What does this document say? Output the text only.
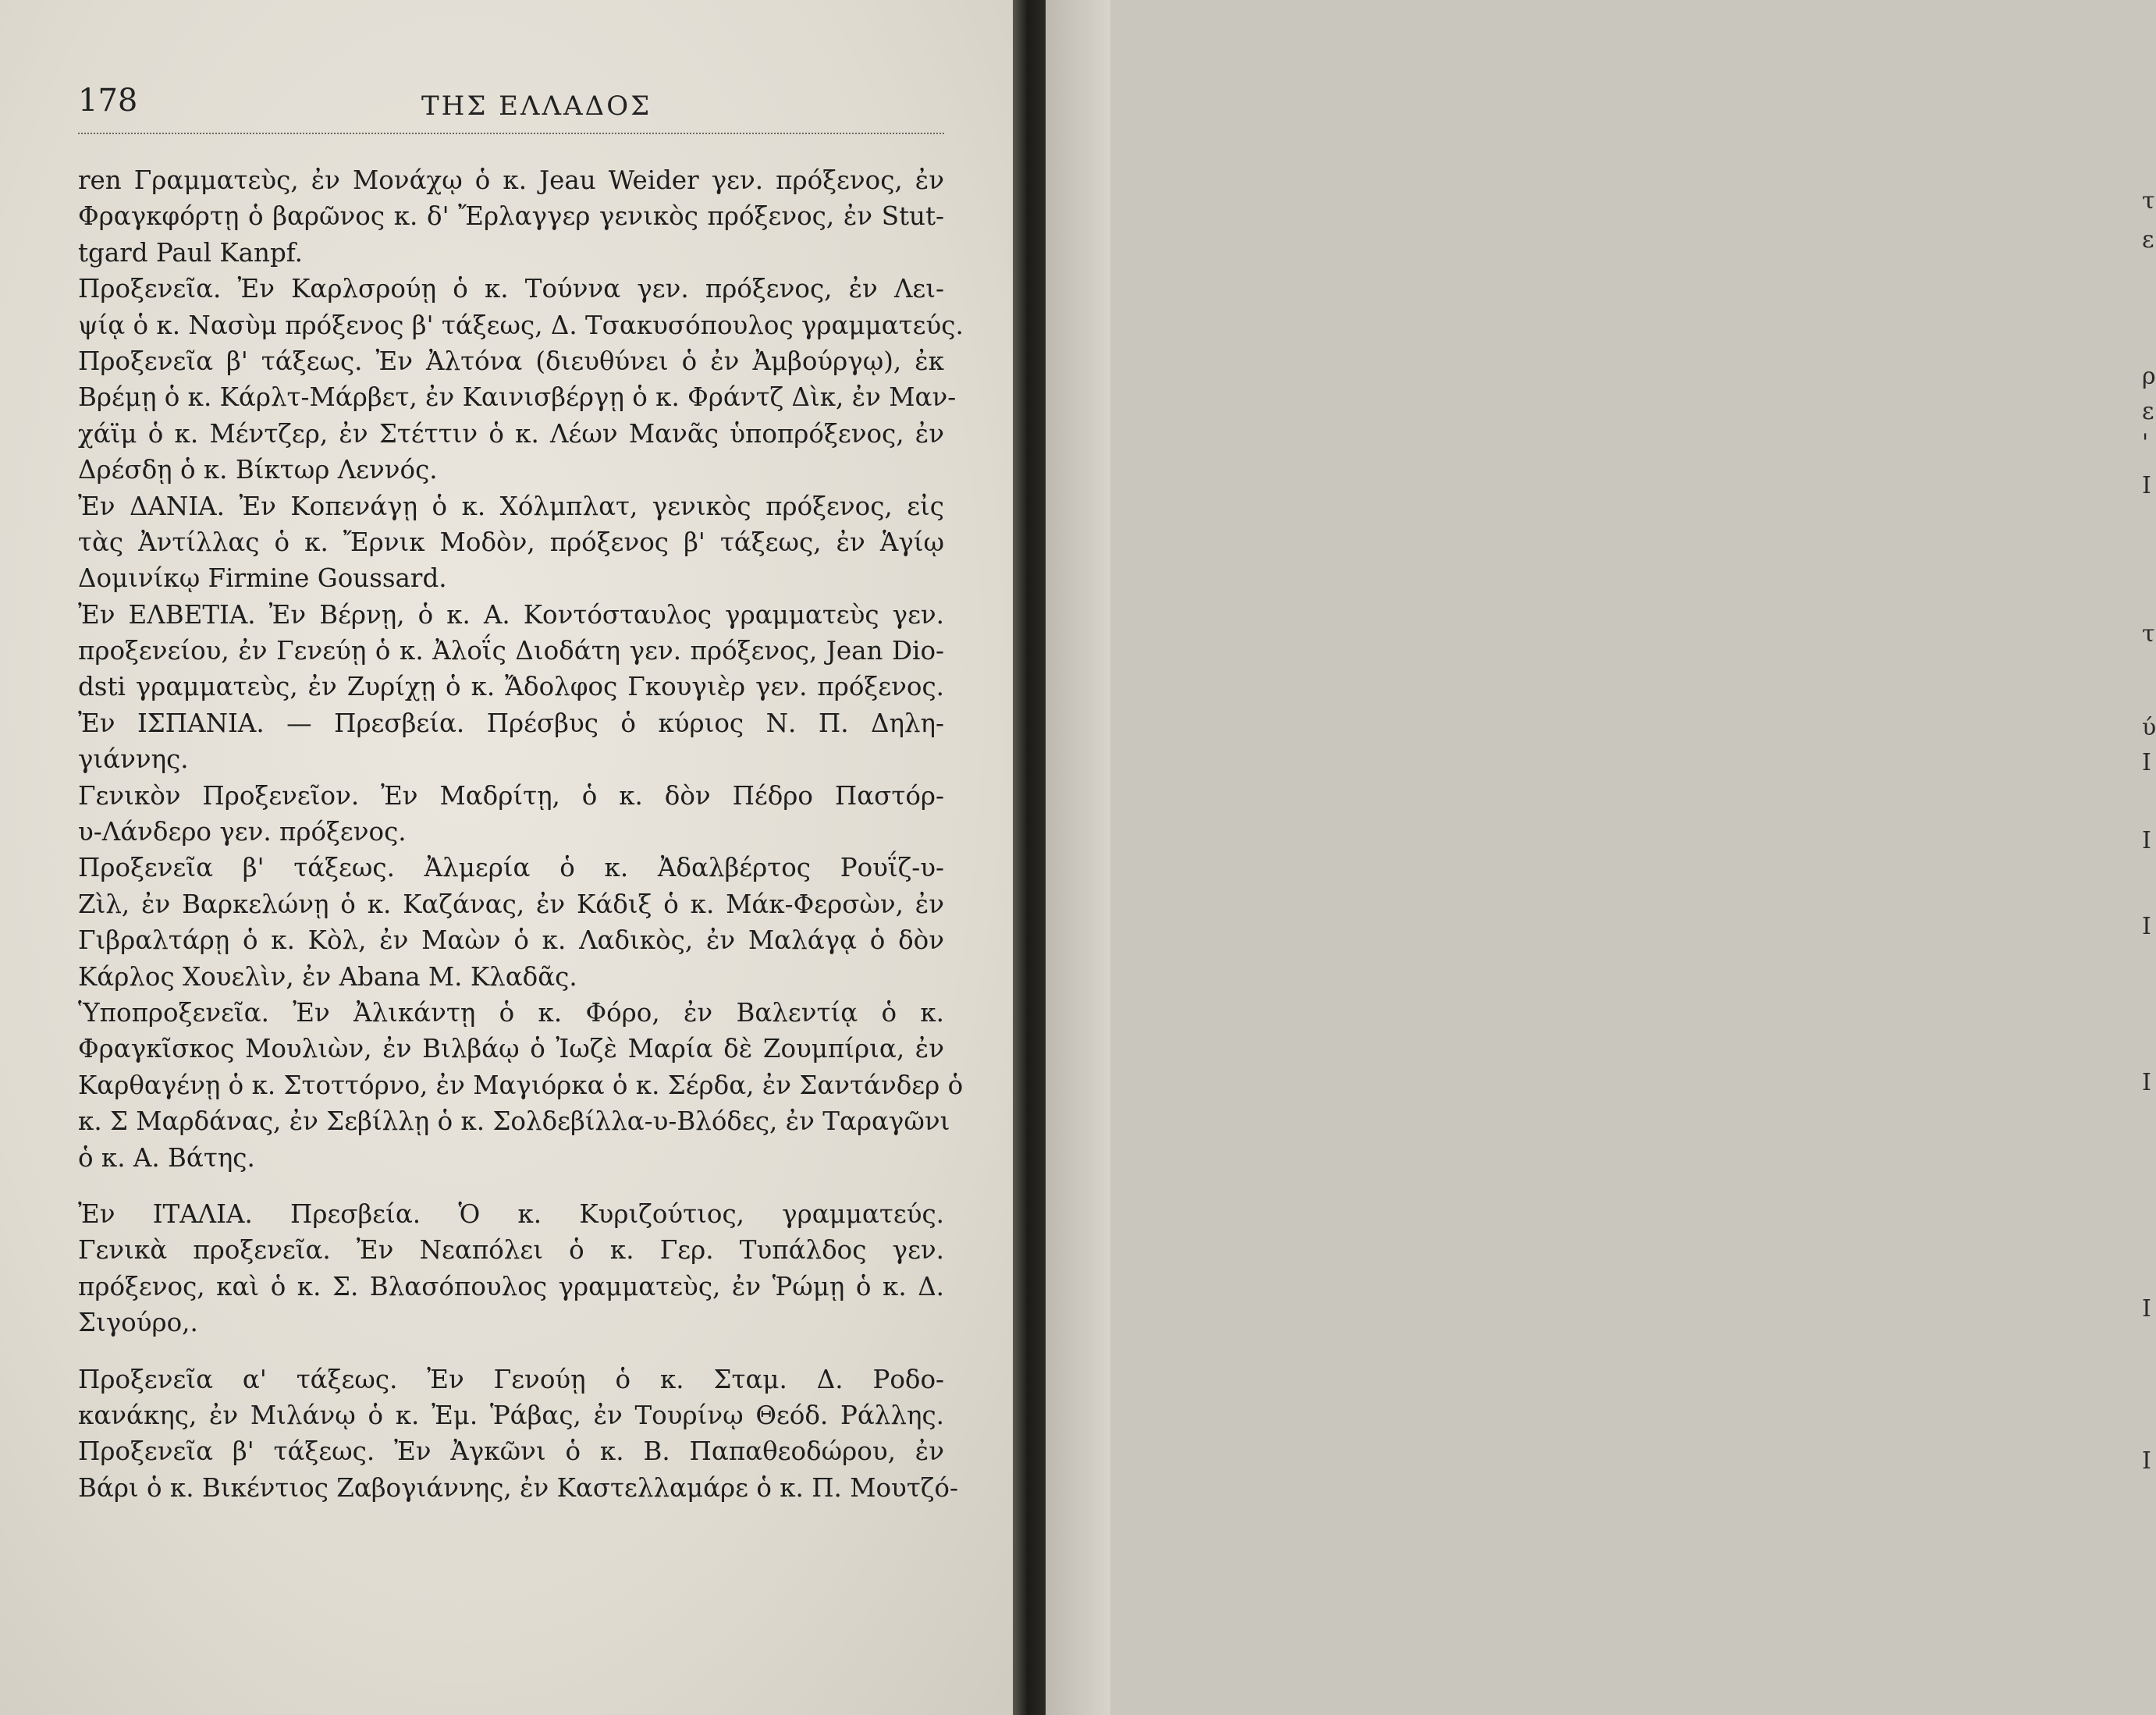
178	ΤΗΣ ΕΛΛΑΔΟΣ
ren Γραμματεὺς, ἐν Μονάχῳ ὁ κ. Jeau Weider γεν. πρόξενος, ἐν
Φραγκφόρτῃ ὁ βαρῶνος κ. δ' Ἔρλαγγερ γενικὸς πρόξενος, ἐν Stut-
tgard Paul Kanpf.
Προξενεῖα. Ἐν Καρλσρούῃ ὁ κ. Τούννα γεν. πρόξενος, ἐν Λει-
ψίᾳ ὁ κ. Νασὺμ πρόξενος β' τάξεως, Δ. Τσακυσόπουλος γραμματεύς.
Προξενεῖα β' τάξεως. Ἐν Ἀλτόνα (διευθύνει ὁ ἐν Ἀμβούργῳ), ἐκ
Βρέμῃ ὁ κ. Κάρλτ-Μάρβετ, ἐν Καινισβέργῃ ὁ κ. Φράντζ Δὶκ, ἐν Μαν-
χάϊμ ὁ κ. Μέντζερ, ἐν Στέττιν ὁ κ. Λέων Μανᾶς ὑποπρόξενος, ἐν
Δρέσδῃ ὁ κ. Βίκτωρ Λεννός.
Ἐν ΔΑΝΙΑ. Ἐν Κοπενάγῃ ὁ κ. Χόλμπλατ, γενικὸς πρόξενος, εἰς
τὰς Ἀντίλλας ὁ κ. Ἔρνικ Μοδὸν, πρόξενος β' τάξεως, ἐν Ἁγίῳ
Δομινίκῳ Firmine Goussard.
Ἐν ΕΛΒΕΤΙΑ. Ἐν Βέρνῃ, ὁ κ. Α. Κοντόσταυλος γραμματεὺς γεν.
προξενείου, ἐν Γενεύῃ ὁ κ. Ἀλοΐς Διοδάτη γεν. πρόξενος, Jean Dio-
dsti γραμματεὺς, ἐν Ζυρίχῃ ὁ κ. Ἄδολφος Γκουγιὲρ γεν. πρόξενος.
Ἐν ΙΣΠΑΝΙΑ. — Πρεσβεία. Πρέσβυς ὁ κύριος Ν. Π. Δηλη-
γιάννης.
Γενικὸν Προξενεῖον. Ἐν Μαδρίτῃ, ὁ κ. δὸν Πέδρο Παστόρ-
υ-Λάνδερο γεν. πρόξενος.
Προξενεῖα β' τάξεως. Ἀλμερία ὁ κ. Ἀδαλβέρτος Ρουΐζ-υ-
Ζὶλ, ἐν Βαρκελώνῃ ὁ κ. Καζάνας, ἐν Κάδιξ ὁ κ. Μάκ-Φερσὼν, ἐν
Γιβραλτάρῃ ὁ κ. Κὸλ, ἐν Μαὼν ὁ κ. Λαδικὸς, ἐν Μαλάγᾳ ὁ δὸν
Κάρλος Χουελὶν, ἐν Abana M. Κλαδᾶς.
Ὑποπροξενεῖα. Ἐν Ἀλικάντῃ ὁ κ. Φόρο, ἐν Βαλεντίᾳ ὁ κ.
Φραγκῖσκος Μουλιὼν, ἐν Βιλβάῳ ὁ Ἰωζὲ Μαρία δὲ Ζουμπίρια, ἐν
Καρθαγένῃ ὁ κ. Στοττόρνο, ἐν Μαγιόρκα ὁ κ. Σέρδα, ἐν Σαντάνδερ ὁ
κ. Σ Μαρδάνας, ἐν Σεβίλλῃ ὁ κ. Σολδεβίλλα-υ-Βλόδες, ἐν Ταραγῶνι
ὁ κ. Α. Βάτης.
Ἐν ΙΤΑΛΙΑ. Πρεσβεία. Ὁ κ. Κυριζούτιος, γραμματεύς.
Γενικὰ προξενεῖα. Ἐν Νεαπόλει ὁ κ. Γερ. Τυπάλδος γεν.
πρόξενος, καὶ ὁ κ. Σ. Βλασόπουλος γραμματεὺς, ἐν Ῥώμῃ ὁ κ. Δ.
Σιγούρο,.
Προξενεῖα α' τάξεως. Ἐν Γενούῃ ὁ κ. Σταμ. Δ. Ροδο-
κανάκης, ἐν Μιλάνῳ ὁ κ. Ἐμ. Ῥάβας, ἐν Τουρίνῳ Θεόδ. Ράλλης.
Προξενεῖα β' τάξεως. Ἐν Ἀγκῶνι ὁ κ. Β. Παπαθεοδώρου, ἐν
Βάρι ὁ κ. Βικέντιος Ζαβογιάννης, ἐν Καστελλαμάρε ὁ κ. Π. Μουτζό-
τ
ε
ρ
ε
'
Ι
τ
ύ
Ι
Ι
Ι
Ι
Ι
Ι
